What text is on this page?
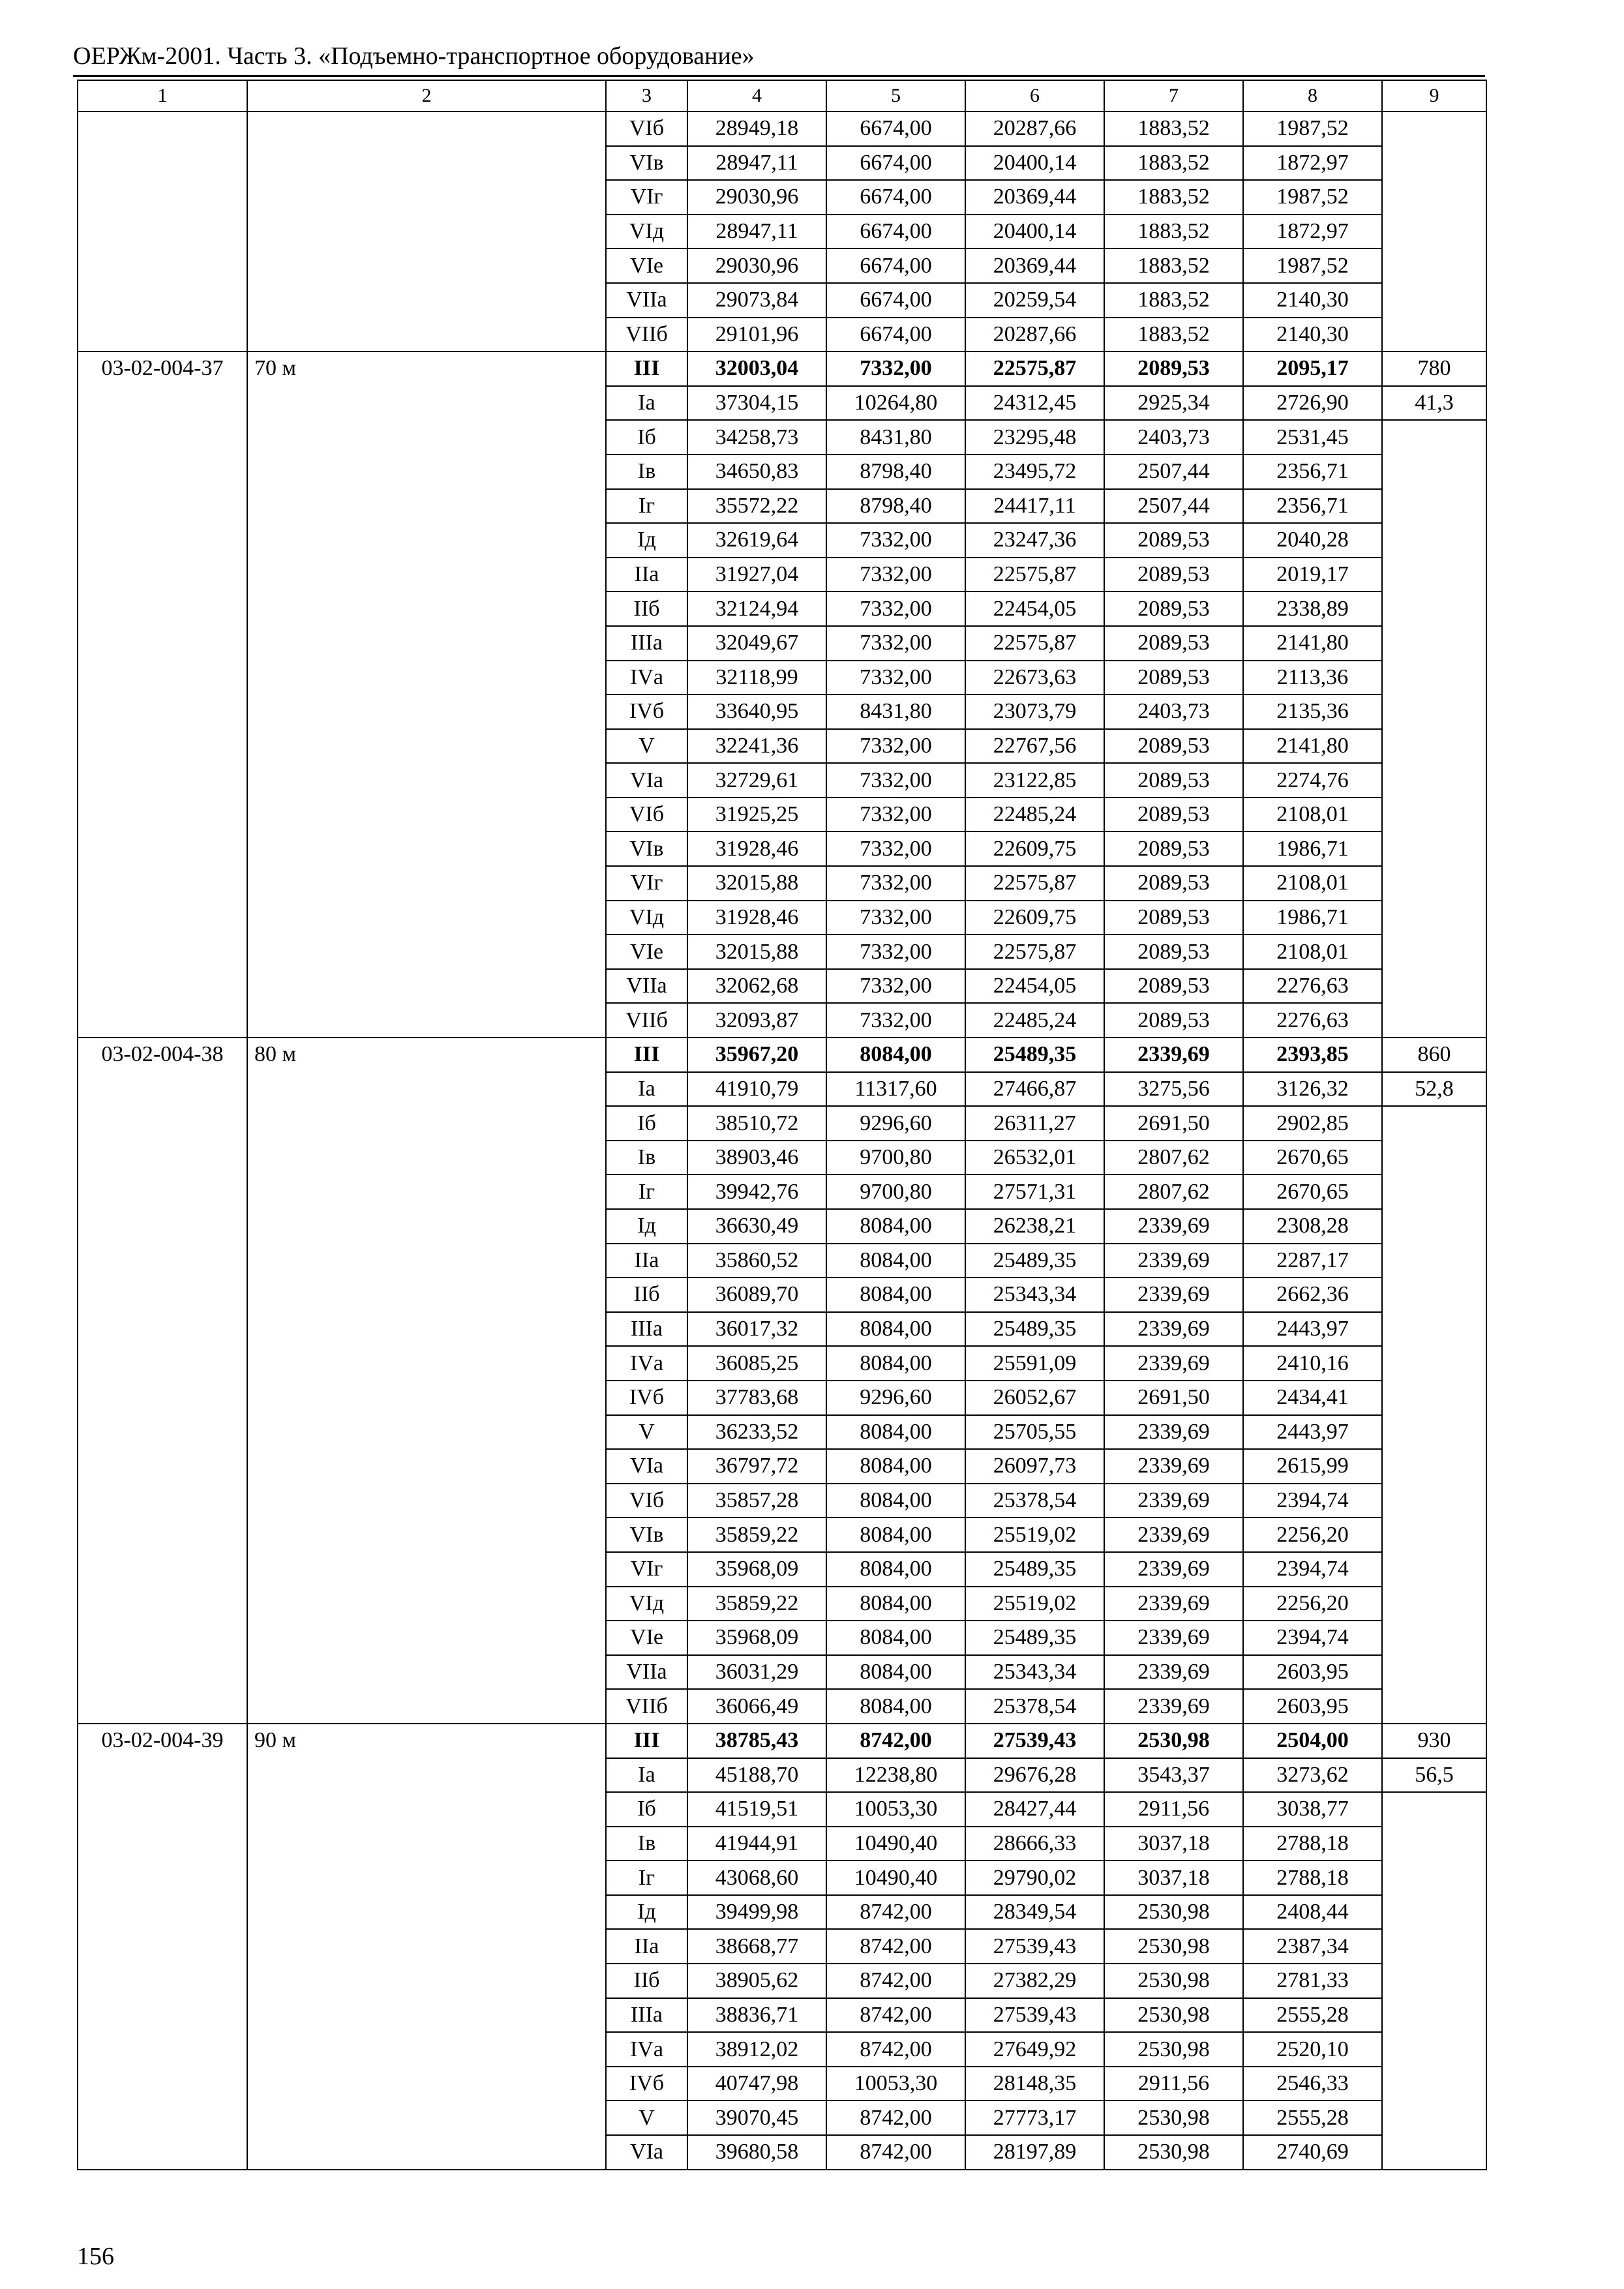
ОЕРЖм-2001. Часть 3. «Подъемно-транспортное оборудование»
1	2	3	4	5	6	7	8	9
		VIб	28949,18	6674,00	20287,66	1883,52	1987,52	
		VIв	28947,11	6674,00	20400,14	1883,52	1872,97	
		VIг	29030,96	6674,00	20369,44	1883,52	1987,52	
		VIд	28947,11	6674,00	20400,14	1883,52	1872,97	
		VIе	29030,96	6674,00	20369,44	1883,52	1987,52	
		VIIа	29073,84	6674,00	20259,54	1883,52	2140,30	
		VIIб	29101,96	6674,00	20287,66	1883,52	2140,30	
03-02-004-37	70 м	III	32003,04	7332,00	22575,87	2089,53	2095,17	780
		Iа	37304,15	10264,80	24312,45	2925,34	2726,90	41,3
		Iб	34258,73	8431,80	23295,48	2403,73	2531,45	
		Iв	34650,83	8798,40	23495,72	2507,44	2356,71	
		Iг	35572,22	8798,40	24417,11	2507,44	2356,71	
		Iд	32619,64	7332,00	23247,36	2089,53	2040,28	
		IIа	31927,04	7332,00	22575,87	2089,53	2019,17	
		IIб	32124,94	7332,00	22454,05	2089,53	2338,89	
		IIIа	32049,67	7332,00	22575,87	2089,53	2141,80	
		IVа	32118,99	7332,00	22673,63	2089,53	2113,36	
		IVб	33640,95	8431,80	23073,79	2403,73	2135,36	
		V	32241,36	7332,00	22767,56	2089,53	2141,80	
		VIа	32729,61	7332,00	23122,85	2089,53	2274,76	
		VIб	31925,25	7332,00	22485,24	2089,53	2108,01	
		VIв	31928,46	7332,00	22609,75	2089,53	1986,71	
		VIг	32015,88	7332,00	22575,87	2089,53	2108,01	
		VIд	31928,46	7332,00	22609,75	2089,53	1986,71	
		VIе	32015,88	7332,00	22575,87	2089,53	2108,01	
		VIIа	32062,68	7332,00	22454,05	2089,53	2276,63	
		VIIб	32093,87	7332,00	22485,24	2089,53	2276,63	
03-02-004-38	80 м	III	35967,20	8084,00	25489,35	2339,69	2393,85	860
		Iа	41910,79	11317,60	27466,87	3275,56	3126,32	52,8
		Iб	38510,72	9296,60	26311,27	2691,50	2902,85	
		Iв	38903,46	9700,80	26532,01	2807,62	2670,65	
		Iг	39942,76	9700,80	27571,31	2807,62	2670,65	
		Iд	36630,49	8084,00	26238,21	2339,69	2308,28	
		IIа	35860,52	8084,00	25489,35	2339,69	2287,17	
		IIб	36089,70	8084,00	25343,34	2339,69	2662,36	
		IIIа	36017,32	8084,00	25489,35	2339,69	2443,97	
		IVа	36085,25	8084,00	25591,09	2339,69	2410,16	
		IVб	37783,68	9296,60	26052,67	2691,50	2434,41	
		V	36233,52	8084,00	25705,55	2339,69	2443,97	
		VIа	36797,72	8084,00	26097,73	2339,69	2615,99	
		VIб	35857,28	8084,00	25378,54	2339,69	2394,74	
		VIв	35859,22	8084,00	25519,02	2339,69	2256,20	
		VIг	35968,09	8084,00	25489,35	2339,69	2394,74	
		VIд	35859,22	8084,00	25519,02	2339,69	2256,20	
		VIе	35968,09	8084,00	25489,35	2339,69	2394,74	
		VIIа	36031,29	8084,00	25343,34	2339,69	2603,95	
		VIIб	36066,49	8084,00	25378,54	2339,69	2603,95	
03-02-004-39	90 м	III	38785,43	8742,00	27539,43	2530,98	2504,00	930
		Iа	45188,70	12238,80	29676,28	3543,37	3273,62	56,5
		Iб	41519,51	10053,30	28427,44	2911,56	3038,77	
		Iв	41944,91	10490,40	28666,33	3037,18	2788,18	
		Iг	43068,60	10490,40	29790,02	3037,18	2788,18	
		Iд	39499,98	8742,00	28349,54	2530,98	2408,44	
		IIа	38668,77	8742,00	27539,43	2530,98	2387,34	
		IIб	38905,62	8742,00	27382,29	2530,98	2781,33	
		IIIа	38836,71	8742,00	27539,43	2530,98	2555,28	
		IVа	38912,02	8742,00	27649,92	2530,98	2520,10	
		IVб	40747,98	10053,30	28148,35	2911,56	2546,33	
		V	39070,45	8742,00	27773,17	2530,98	2555,28	
		VIа	39680,58	8742,00	28197,89	2530,98	2740,69	
156
